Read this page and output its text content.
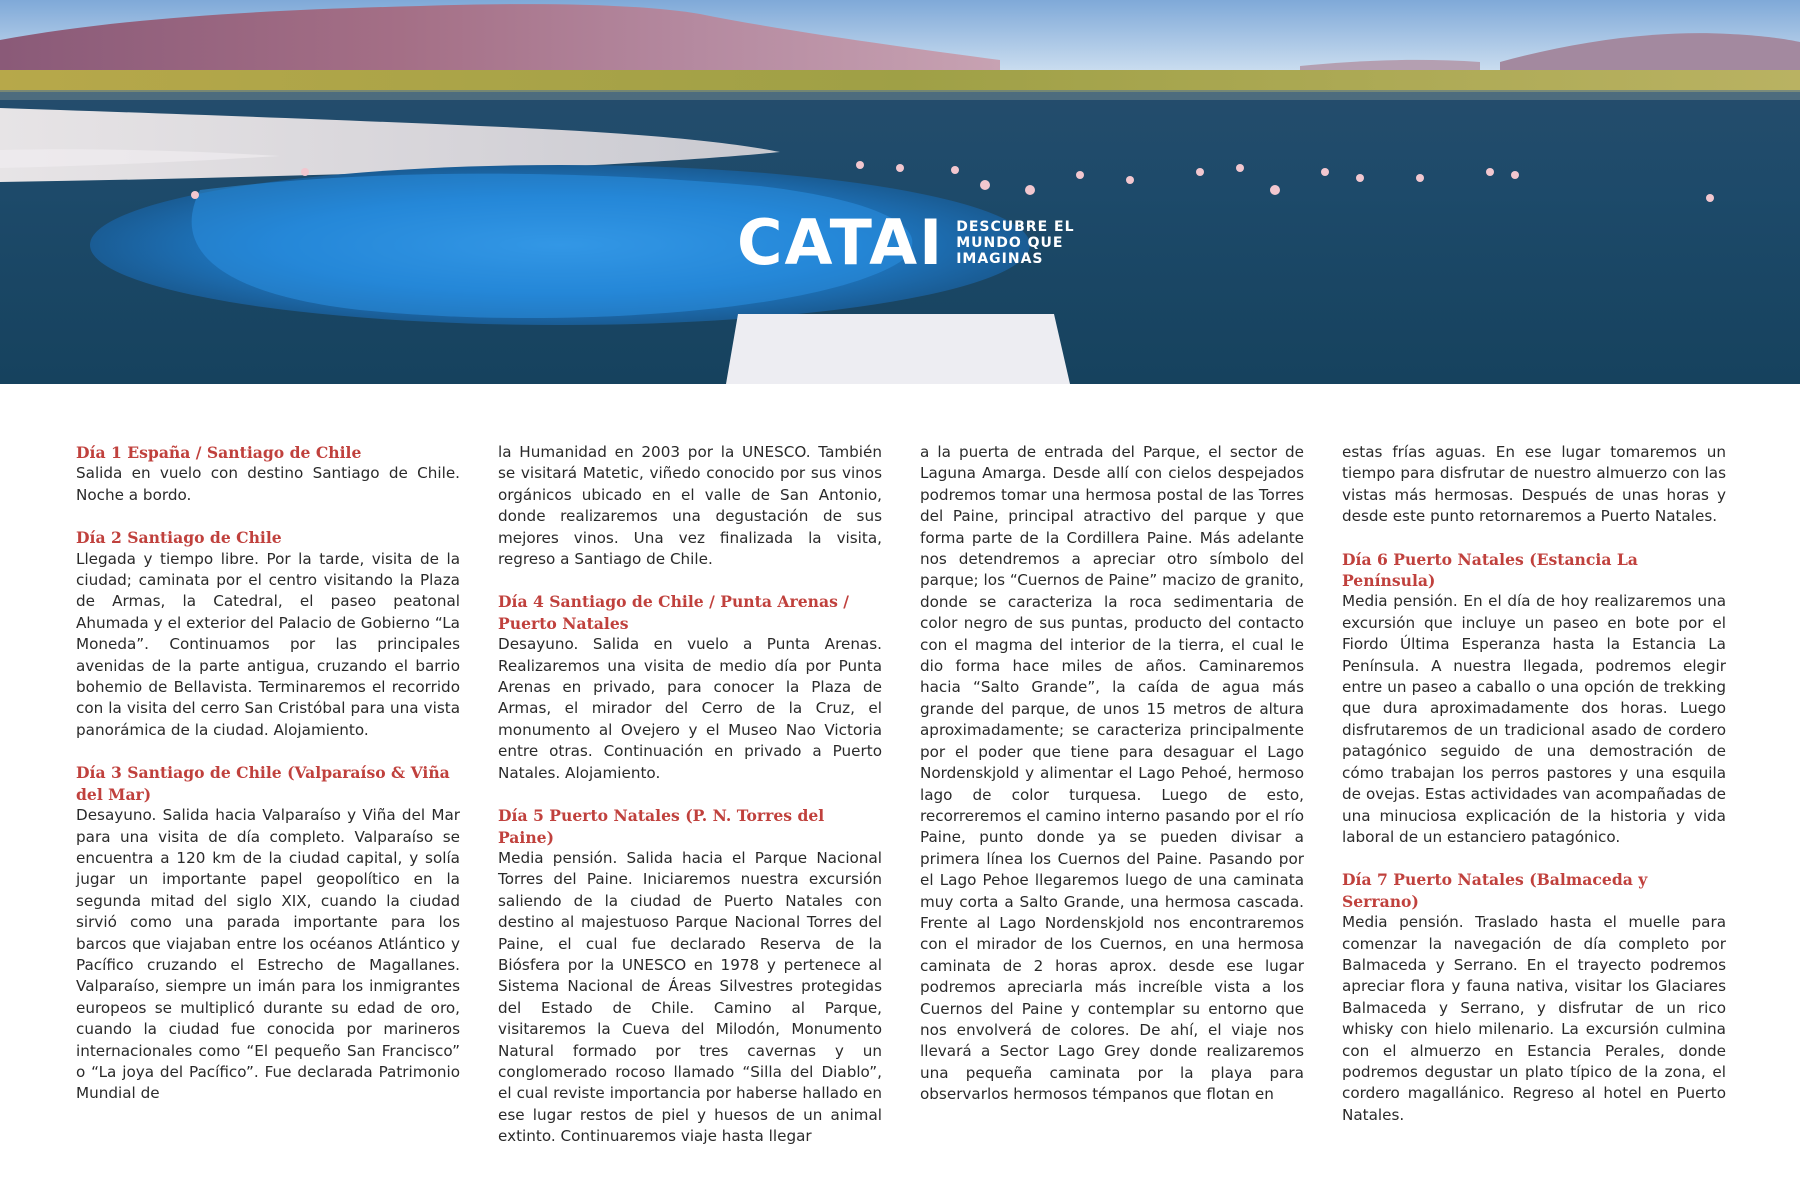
CATAI DESCUBRE EL
MUNDO QUE
IMAGINAS
Día 1 España / Santiago de Chile
Salida en vuelo con destino Santiago de Chile. Noche a bordo.
Día 2 Santiago de Chile
Llegada y tiempo libre. Por la tarde, visita de la ciudad; caminata por el centro visitando la Plaza de Armas, la Catedral, el paseo peatonal Ahumada y el exterior del Palacio de Gobierno “La Moneda”. Continuamos por las principales avenidas de la parte antigua, cruzando el barrio bohemio de Bellavista. Terminaremos el recorrido con la visita del cerro San Cristóbal para una vista panorámica de la ciudad. Alojamiento.
Día 3 Santiago de Chile (Valparaíso & Viña del Mar)
Desayuno. Salida hacia Valparaíso y Viña del Mar para una visita de día completo. Valparaíso se encuentra a 120 km de la ciudad capital, y solía jugar un importante papel geopolítico en la segunda mitad del siglo XIX, cuando la ciudad sirvió como una parada importante para los barcos que viajaban entre los océanos Atlántico y Pacífico cruzando el Estrecho de Magallanes. Valparaíso, siempre un imán para los inmigrantes europeos se multiplicó durante su edad de oro, cuando la ciudad fue conocida por marineros internacionales como “El pequeño San Francisco” o “La joya del Pacífico”. Fue declarada Patrimonio Mundial de
la Humanidad en 2003 por la UNESCO. También se visitará Matetic, viñedo conocido por sus vinos orgánicos ubicado en el valle de San Antonio, donde realizaremos una degustación de sus mejores vinos. Una vez finalizada la visita, regreso a Santiago de Chile.
Día 4 Santiago de Chile / Punta Arenas / Puerto Natales
Desayuno. Salida en vuelo a Punta Arenas. Realizaremos una visita de medio día por Punta Arenas en privado, para conocer la Plaza de Armas, el mirador del Cerro de la Cruz, el monumento al Ovejero y el Museo Nao Victoria entre otras. Continuación en privado a Puerto Natales. Alojamiento.
Día 5 Puerto Natales (P. N. Torres del Paine)
Media pensión. Salida hacia el Parque Nacional Torres del Paine. Iniciaremos nuestra excursión saliendo de la ciudad de Puerto Natales con destino al majestuoso Parque Nacional Torres del Paine, el cual fue declarado Reserva de la Biósfera por la UNESCO en 1978 y pertenece al Sistema Nacional de Áreas Silvestres protegidas del Estado de Chile. Camino al Parque, visitaremos la Cueva del Milodón, Monumento Natural formado por tres cavernas y un conglomerado rocoso llamado “Silla del Diablo”, el cual reviste importancia por haberse hallado en ese lugar restos de piel y huesos de un animal extinto. Continuaremos viaje hasta llegar
a la puerta de entrada del Parque, el sector de Laguna Amarga. Desde allí con cielos despejados podremos tomar una hermosa postal de las Torres del Paine, principal atractivo del parque y que forma parte de la Cordillera Paine. Más adelante nos detendremos a apreciar otro símbolo del parque; los “Cuernos de Paine” macizo de granito, donde se caracteriza la roca sedimentaria de color negro de sus puntas, producto del contacto con el magma del interior de la tierra, el cual le dio forma hace miles de años. Caminaremos hacia “Salto Grande”, la caída de agua más grande del parque, de unos 15 metros de altura aproximadamente; se caracteriza principalmente por el poder que tiene para desaguar el Lago Nordenskjold y alimentar el Lago Pehoé, hermoso lago de color turquesa. Luego de esto, recorreremos el camino interno pasando por el río Paine, punto donde ya se pueden divisar a primera línea los Cuernos del Paine. Pasando por el Lago Pehoe llegaremos luego de una caminata muy corta a Salto Grande, una hermosa cascada. Frente al Lago Nordenskjold nos encontraremos con el mirador de los Cuernos, en una hermosa caminata de 2 horas aprox. desde ese lugar podremos apreciarla más increíble vista a los Cuernos del Paine y contemplar su entorno que nos envolverá de colores. De ahí, el viaje nos llevará a Sector Lago Grey donde realizaremos una pequeña caminata por la playa para observarlos hermosos témpanos que flotan en
estas frías aguas. En ese lugar tomaremos un tiempo para disfrutar de nuestro almuerzo con las vistas más hermosas. Después de unas horas y desde este punto retornaremos a Puerto Natales.
Día 6 Puerto Natales (Estancia La Península)
Media pensión. En el día de hoy realizaremos una excursión que incluye un paseo en bote por el Fiordo Última Esperanza hasta la Estancia La Península. A nuestra llegada, podremos elegir entre un paseo a caballo o una opción de trekking que dura aproximadamente dos horas. Luego disfrutaremos de un tradicional asado de cordero patagónico seguido de una demostración de cómo trabajan los perros pastores y una esquila de ovejas. Estas actividades van acompañadas de una minuciosa explicación de la historia y vida laboral de un estanciero patagónico.
Día 7 Puerto Natales (Balmaceda y Serrano)
Media pensión. Traslado hasta el muelle para comenzar la navegación de día completo por Balmaceda y Serrano. En el trayecto podremos apreciar flora y fauna nativa, visitar los Glaciares Balmaceda y Serrano, y disfrutar de un rico whisky con hielo milenario. La excursión culmina con el almuerzo en Estancia Perales, donde podremos degustar un plato típico de la zona, el cordero magallánico. Regreso al hotel en Puerto Natales.
